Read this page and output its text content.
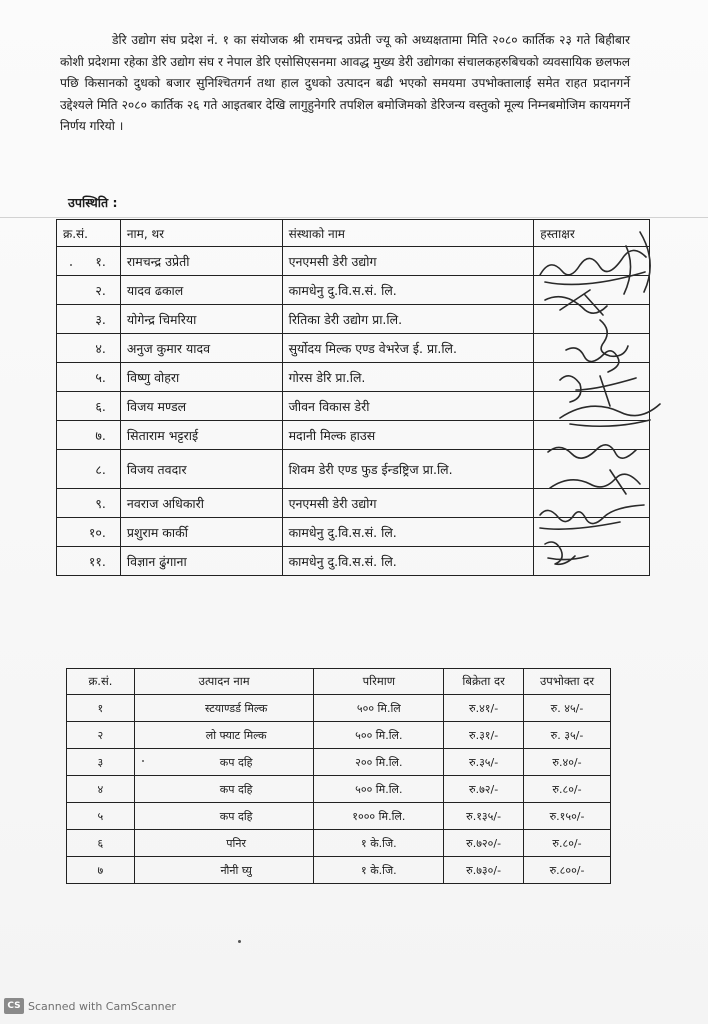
डेरि उद्योग संघ प्रदेश नं. १ का संयोजक श्री रामचन्द्र उप्रेती ज्यू को अध्यक्षतामा मिति २०८० कार्तिक २३ गते बिहीबार कोशी प्रदेशमा रहेका डेरि उद्योग संघ र नेपाल डेरि एसोसिएसनमा आवद्ध मुख्य डेरी उद्योगका संचालकहरुबिचको व्यवसायिक छलफल पछि किसानको दुधको बजार सुनिश्चितगर्न तथा हाल दुधको उत्पादन बढी भएको समयमा उपभोक्तालाई समेत राहत प्रदानगर्ने उद्देश्यले मिति २०८० कार्तिक २६ गते आइतबार देखि लागुहुनेगरि तपशिल बमोजिमको डेरिजन्य वस्तुको मूल्य निम्नबमोजिम कायमगर्ने निर्णय गरियो ।

उपस्थिति :
क्र.सं.	नाम, थर	संस्थाको नाम	हस्ताक्षर
१.	रामचन्द्र उप्रेती	एनएमसी डेरी उद्योग	
२.	यादव ढकाल	कामधेनु दु.वि.स.सं. लि.	
३.	योगेन्द्र चिमरिया	रितिका डेरी उद्योग प्रा.लि.	
४.	अनुज कुमार यादव	सुर्योदय मिल्क एण्ड वेभरेज ई. प्रा.लि.	
५.	विष्णु वोहरा	गोरस डेरि प्रा.लि.	
६.	विजय मण्डल	जीवन विकास डेरी	
७.	सिताराम भट्टराई	मदानी मिल्क हाउस	
८.	विजय तवदार	शिवम डेरी एण्ड फुड ईन्डष्ट्रिज प्रा.लि.	
९.	नवराज अधिकारी	एनएमसी डेरी उद्योग	
१०.	प्रशुराम कार्की	कामधेनु दु.वि.स.सं. लि.	
११.	विज्ञान ढुंगाना	कामधेनु दु.वि.स.सं. लि.	
क्र.सं.	उत्पादन नाम	परिमाण	बिक्रेता दर	उपभोक्ता दर
१	स्टयाण्डर्ड मिल्क	५०० मि.लि	रु.४१/-	रु. ४५/-
२	लो फ्याट मिल्क	५०० मि.लि.	रु.३१/-	रु. ३५/-
३	कप दहि	२०० मि.लि.	रु.३५/-	रु.४०/-
४	कप दहि	५०० मि.लि.	रु.७२/-	रु.८०/-
५	कप दहि	१००० मि.लि.	रु.१३५/-	रु.१५०/-
६	पनिर	१ के.जि.	रु.७२०/-	रु.८०/-
७	नौनी घ्यु	१ के.जि.	रु.७३०/-	रु.८००/-
CS Scanned with CamScanner
